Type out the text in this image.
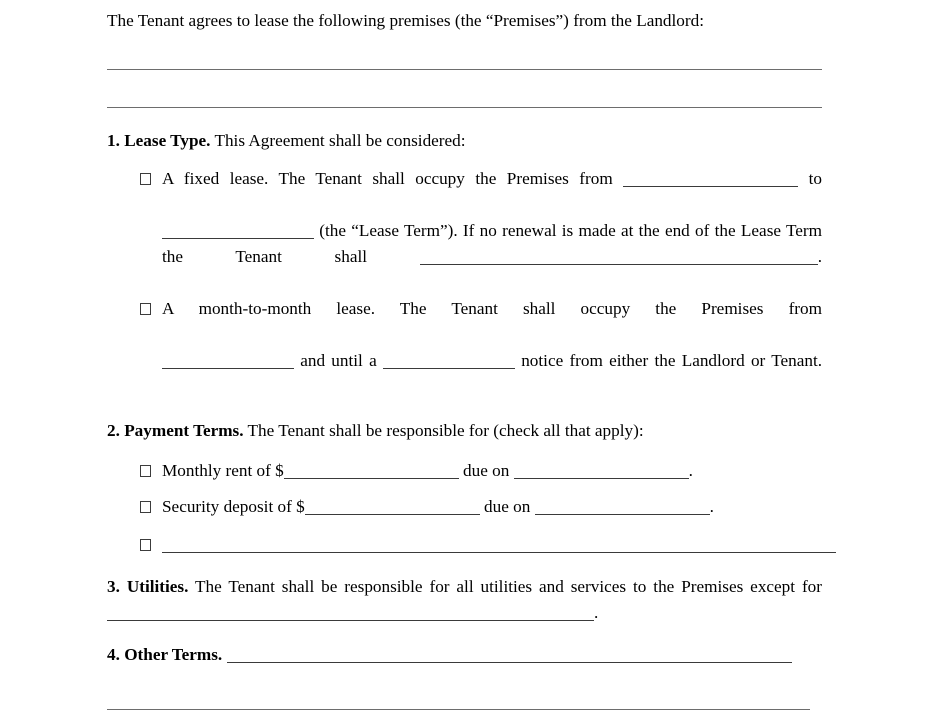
The Tenant agrees to lease the following premises (the “Premises”) from the Landlord:

1. Lease Type. This Agreement shall be considered:

A fixed lease. The Tenant shall occupy the Premises from	to  (the “Lease Term”). If no renewal is made at the end of the Lease Term the Tenant shall	.
A month-to-month lease. The Tenant shall occupy the Premises from  and until a	notice from either the Landlord or Tenant.

2. Payment Terms. The Tenant shall be responsible for (check all that apply):

Monthly rent of $	due on	.
Security deposit of $	due on	.

3. Utilities. The Tenant shall be responsible for all utilities and services to the Premises except for .

4. Other Terms.
